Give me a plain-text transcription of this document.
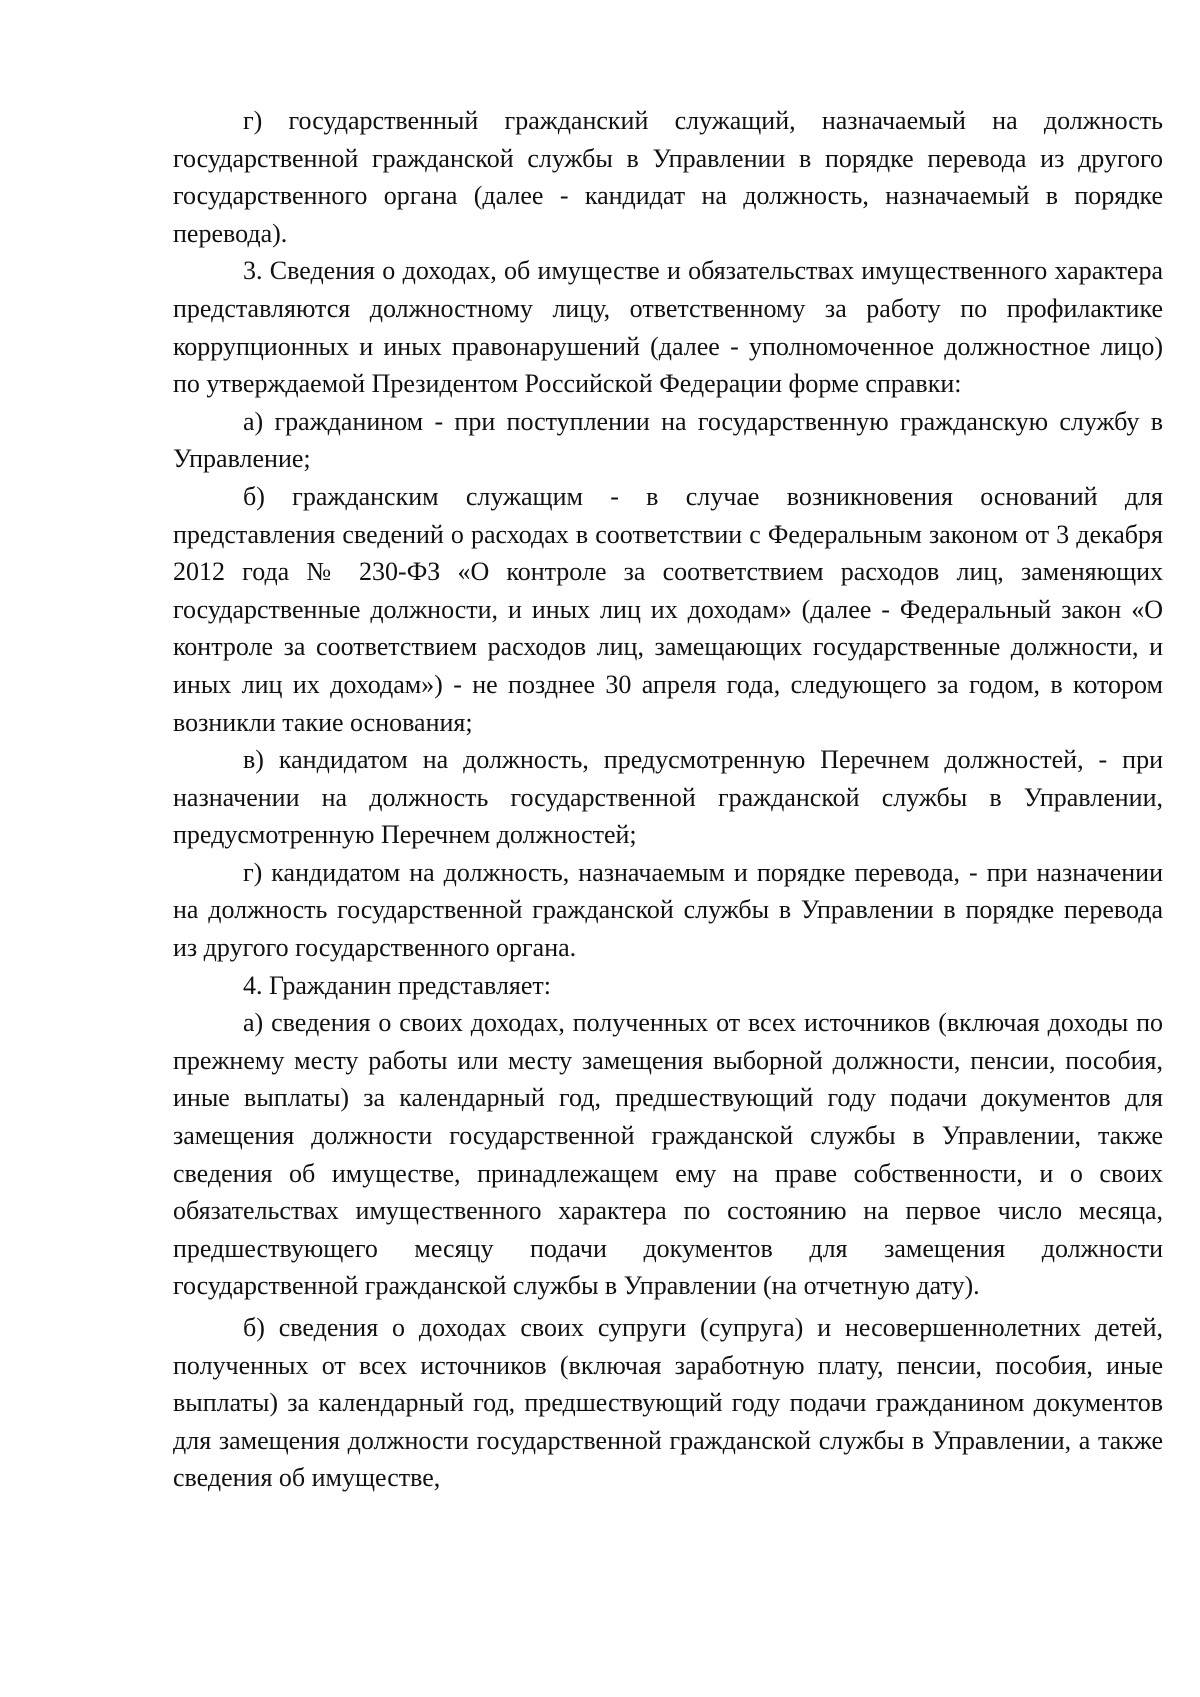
г) государственный гражданский служащий, назначаемый на должность государственной гражданской службы в Управлении в порядке перевода из другого государственного органа (далее - кандидат на должность, назначаемый в порядке перевода).

3. Сведения о доходах, об имуществе и обязательствах имущественного характера представляются должностному лицу, ответственному за работу по профилактике коррупционных и иных правонарушений (далее - уполномоченное должностное лицо) по утверждаемой Президентом Российской Федерации форме справки:

а) гражданином - при поступлении на государственную гражданскую службу в Управление;

б) гражданским служащим - в случае возникновения оснований для представления сведений о расходах в соответствии с Федеральным законом от 3 декабря 2012 года № 230-ФЗ «О контроле за соответствием расходов лиц, заменяющих государственные должности, и иных лиц их доходам» (далее - Федеральный закон «О контроле за соответствием расходов лиц, замещающих государственные должности, и иных лиц их доходам») - не позднее 30 апреля года, следующего за годом, в котором возникли такие основания;

в) кандидатом на должность, предусмотренную Перечнем должностей, - при назначении на должность государственной гражданской службы в Управлении, предусмотренную Перечнем должностей;

г) кандидатом на должность, назначаемым и порядке перевода, - при назначении на должность государственной гражданской службы в Управлении в порядке перевода из другого государственного органа.

4. Гражданин представляет:

а) сведения о своих доходах, полученных от всех источников (включая доходы по прежнему месту работы или месту замещения выборной должности, пенсии, пособия, иные выплаты) за календарный год, предшествующий году подачи документов для замещения должности государственной гражданской службы в Управлении, также сведения об имуществе, принадлежащем ему на праве собственности, и о своих обязательствах имущественного характера по состоянию на первое число месяца, предшествующего месяцу подачи документов для замещения должности государственной гражданской службы в Управлении (на отчетную дату).

б) сведения о доходах своих супруги (супруга) и несовершеннолетних детей, полученных от всех источников (включая заработную плату, пенсии, пособия, иные выплаты) за календарный год, предшествующий году подачи гражданином документов для замещения должности государственной гражданской службы в Управлении, а также сведения об имуществе,
